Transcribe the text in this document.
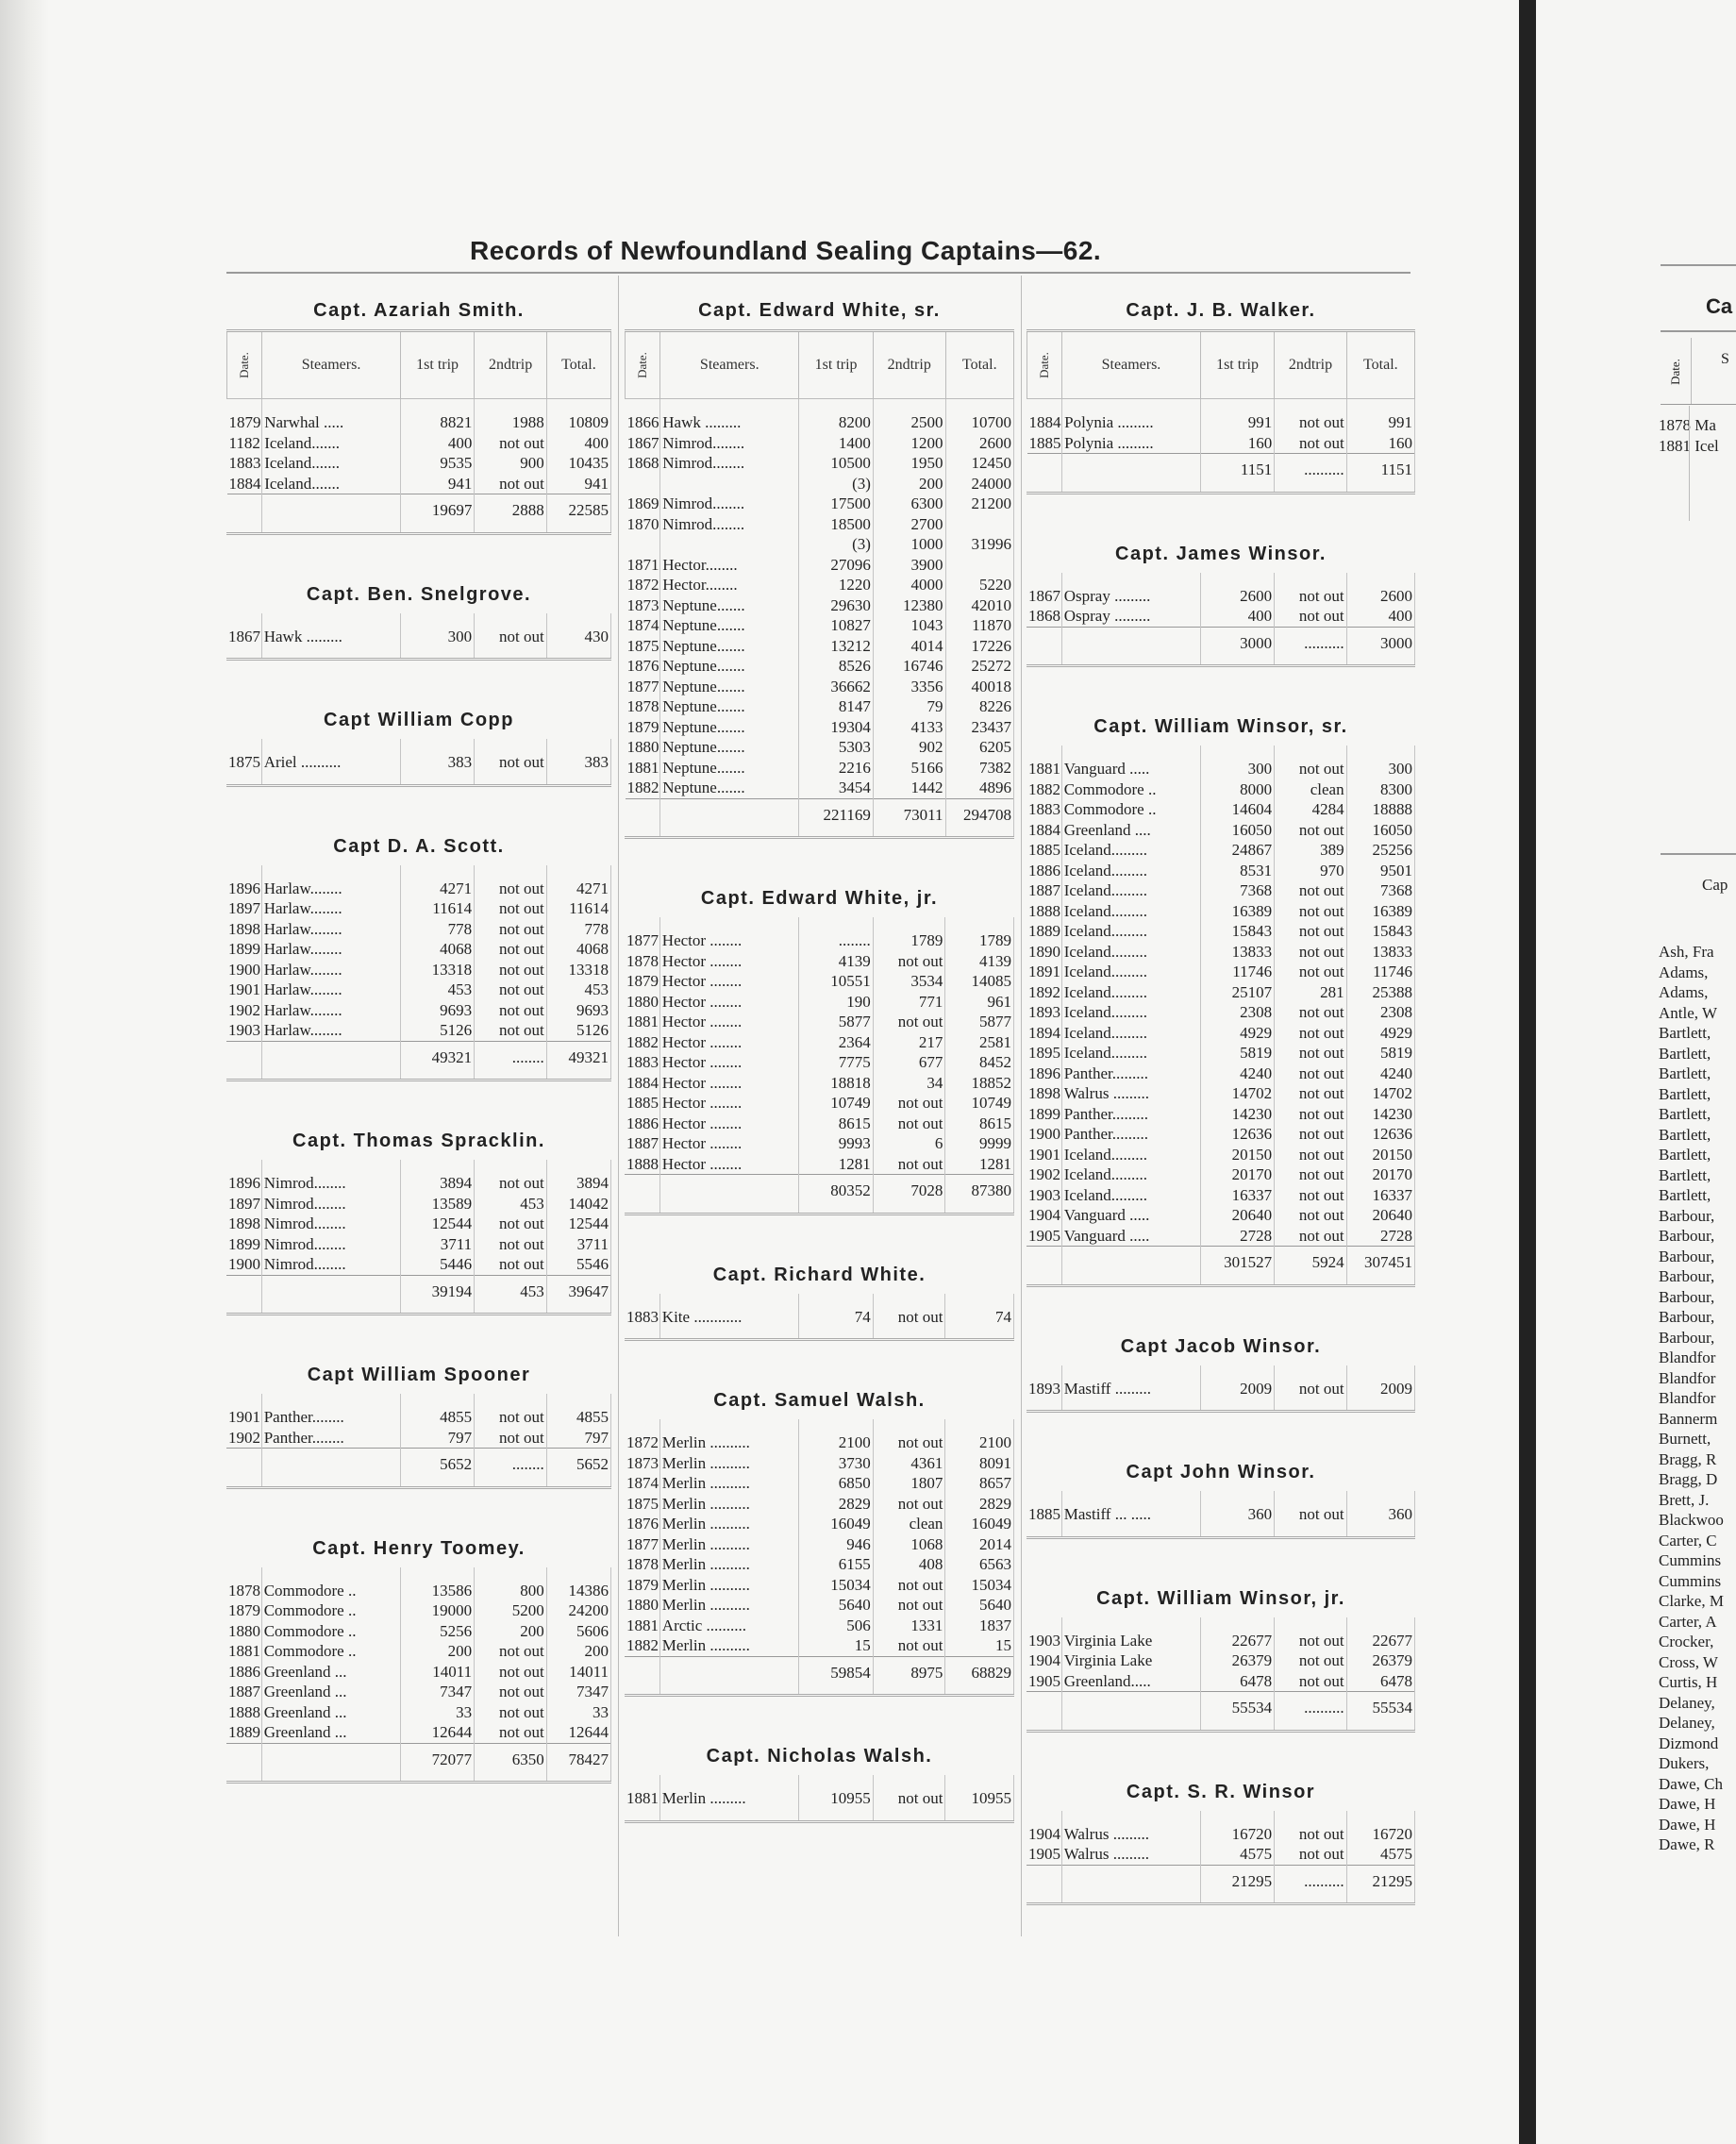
Records of Newfoundland Sealing Captains—62.
Capt. Azariah Smith.
Date.	Steamers.	1st trip	2ndtrip	Total.
1879	Narwhal .....	8821	1988	10809
1182	Iceland.......	400	not out	400
1883	Iceland.......	9535	900	10435
1884	Iceland.......	941	not out	941
		19697	2888	22585
Capt. Ben. Snelgrove.
1867	Hawk .........	300	not out	430
Capt William Copp
1875	Ariel ..........	383	not out	383
Capt D. A. Scott.
1896	Harlaw........	4271	not out	4271
1897	Harlaw........	11614	not out	11614
1898	Harlaw........	778	not out	778
1899	Harlaw........	4068	not out	4068
1900	Harlaw........	13318	not out	13318
1901	Harlaw........	453	not out	453
1902	Harlaw........	9693	not out	9693
1903	Harlaw........	5126	not out	5126
		49321	........	49321
Capt. Thomas Spracklin.
1896	Nimrod........	3894	not out	3894
1897	Nimrod........	13589	453	14042
1898	Nimrod........	12544	not out	12544
1899	Nimrod........	3711	not out	3711
1900	Nimrod........	5446	not out	5546
		39194	453	39647
Capt William Spooner
1901	Panther........	4855	not out	4855
1902	Panther........	797	not out	797
		5652	........	5652
Capt. Henry Toomey.
1878	Commodore ..	13586	800	14386
1879	Commodore ..	19000	5200	24200
1880	Commodore ..	5256	200	5606
1881	Commodore ..	200	not out	200
1886	Greenland ...	14011	not out	14011
1887	Greenland ...	7347	not out	7347
1888	Greenland ...	33	not out	33
1889	Greenland ...	12644	not out	12644
		72077	6350	78427
Capt. Edward White, sr.
Date.	Steamers.	1st trip	2ndtrip	Total.
1866	Hawk .........	8200	2500	10700
1867	Nimrod........	1400	1200	2600
1868	Nimrod........	10500	1950	12450
		(3)	200	24000
1869	Nimrod........	17500	6300	21200
1870	Nimrod........	18500	2700	
		(3)	1000	31996
1871	Hector........	27096	3900	
1872	Hector........	1220	4000	5220
1873	Neptune.......	29630	12380	42010
1874	Neptune.......	10827	1043	11870
1875	Neptune.......	13212	4014	17226
1876	Neptune.......	8526	16746	25272
1877	Neptune.......	36662	3356	40018
1878	Neptune.......	8147	79	8226
1879	Neptune.......	19304	4133	23437
1880	Neptune.......	5303	902	6205
1881	Neptune.......	2216	5166	7382
1882	Neptune.......	3454	1442	4896
		221169	73011	294708
Capt. Edward White, jr.
1877	Hector ........	........	1789	1789
1878	Hector ........	4139	not out	4139
1879	Hector ........	10551	3534	14085
1880	Hector ........	190	771	961
1881	Hector ........	5877	not out	5877
1882	Hector ........	2364	217	2581
1883	Hector ........	7775	677	8452
1884	Hector ........	18818	34	18852
1885	Hector ........	10749	not out	10749
1886	Hector ........	8615	not out	8615
1887	Hector ........	9993	6	9999
1888	Hector ........	1281	not out	1281
		80352	7028	87380
Capt. Richard White.
1883	Kite ............	74	not out	74
Capt. Samuel Walsh.
1872	Merlin ..........	2100	not out	2100
1873	Merlin ..........	3730	4361	8091
1874	Merlin ..........	6850	1807	8657
1875	Merlin ..........	2829	not out	2829
1876	Merlin ..........	16049	clean	16049
1877	Merlin ..........	946	1068	2014
1878	Merlin ..........	6155	408	6563
1879	Merlin ..........	15034	not out	15034
1880	Merlin ..........	5640	not out	5640
1881	Arctic ..........	506	1331	1837
1882	Merlin ..........	15	not out	15
		59854	8975	68829
Capt. Nicholas Walsh.
1881	Merlin .........	10955	not out	10955
Capt. J. B. Walker.
Date.	Steamers.	1st trip	2ndtrip	Total.
1884	Polynia .........	991	not out	991
1885	Polynia .........	160	not out	160
		1151	..........	1151
Capt. James Winsor.
1867	Ospray .........	2600	not out	2600
1868	Ospray .........	400	not out	400
		3000	..........	3000
Capt. William Winsor, sr.
1881	Vanguard .....	300	not out	300
1882	Commodore ..	8000	clean	8300
1883	Commodore ..	14604	4284	18888
1884	Greenland ....	16050	not out	16050
1885	Iceland.........	24867	389	25256
1886	Iceland.........	8531	970	9501
1887	Iceland.........	7368	not out	7368
1888	Iceland.........	16389	not out	16389
1889	Iceland.........	15843	not out	15843
1890	Iceland.........	13833	not out	13833
1891	Iceland.........	11746	not out	11746
1892	Iceland.........	25107	281	25388
1893	Iceland.........	2308	not out	2308
1894	Iceland.........	4929	not out	4929
1895	Iceland.........	5819	not out	5819
1896	Panther.........	4240	not out	4240
1898	Walrus .........	14702	not out	14702
1899	Panther.........	14230	not out	14230
1900	Panther.........	12636	not out	12636
1901	Iceland.........	20150	not out	20150
1902	Iceland.........	20170	not out	20170
1903	Iceland.........	16337	not out	16337
1904	Vanguard .....	20640	not out	20640
1905	Vanguard .....	2728	not out	2728
		301527	5924	307451
Capt Jacob Winsor.
1893	Mastiff .........	2009	not out	2009
Capt John Winsor.
1885	Mastiff ... .....	360	not out	360
Capt. William Winsor, jr.
1903	Virginia Lake	22677	not out	22677
1904	Virginia Lake	26379	not out	26379
1905	Greenland.....	6478	not out	6478
		55534	..........	55534
Capt. S. R. Winsor
1904	Walrus .........	16720	not out	16720
1905	Walrus .........	4575	not out	4575
		21295	..........	21295
Ca
Date.	S
1878 Ma
1881 Icel
Cap
Ash, Fra
Adams,
Adams,
Antle, W
Bartlett,
Bartlett,
Bartlett,
Bartlett,
Bartlett,
Bartlett,
Bartlett,
Bartlett,
Bartlett,
Barbour,
Barbour,
Barbour,
Barbour,
Barbour,
Barbour,
Barbour,
Blandfor
Blandfor
Blandfor
Bannerm
Burnett,
Bragg, R
Bragg, D
Brett, J.
Blackwoo
Carter, C
Cummins
Cummins
Clarke, M
Carter, A
Crocker,
Cross, W
Curtis, H
Delaney,
Delaney,
Dizmond
Dukers,
Dawe, Ch
Dawe, H
Dawe, H
Dawe, R
